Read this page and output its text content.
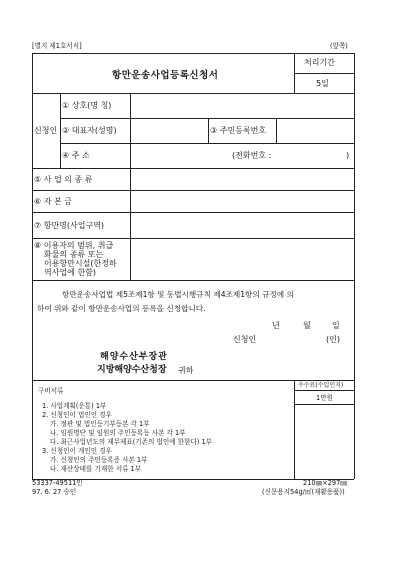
[별지 제1호서식]	(앞쪽)
항만운송사업등록신청서
처리기간
5일
신청인
① 상호(명 칭)
② 대표자(성명)	③ 주민등록번호
④ 주 소	(전화번호 :	)
⑤ 사 업 의 종 류
⑥ 자 본 금
⑦ 항만명(사업구역)
⑧ 이용자의 범위, 취급
화물의 종류 또는
이용항만시설(한정하
역사업에 한함)
항만운송사업법 제5조제1항 및 동법시행규칙 제4조제1항의 규정에 의
하여 위와 같이 항만운송사업의 등록을 신청합니다.
년	월	일
신청인	(인)
해양수산부장관
지방해양수산청장 귀하
구비서류
1. 사업계획(운통) 1부
2. 신청인이 법인인 경우
가. 정관 및 법인등기부등본 각 1부
나. 임원명단 및 임원의 주민등록등 사본 각 1부
다. 최근사업년도의 재무제표(기존의 법인에 한한다) 1부
3. 신청인이 개인인 경우
가. 신청인의 주민등록증 사본 1부
나. 재산상태를 기재한 서류 1부
수수료(수입인지)
1만원
53337-49511민
97. 6. 27 승인
210㎜×297㎜
(신문용지54g/㎡(재활용품))
